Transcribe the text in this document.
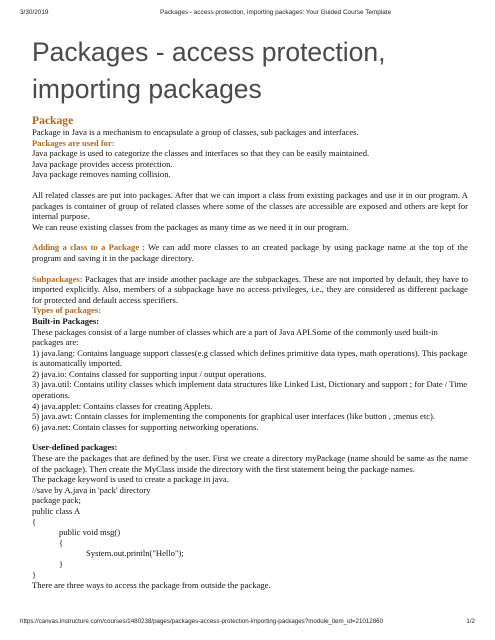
3/30/2019	Packages - access protection, importing packages: Your Guided Course Template
Packages - access protection, importing packages

Package

Package in Java is a mechanism to encapsulate a group of classes, sub packages and interfaces.

Packages are used for:

Java package is used to categorize the classes and interfaces so that they can be easily maintained.

Java package provides access protection.

Java package removes naming collision.

All related classes are put into packages. After that we can import a class from existing packages and use it in our program. A packages is container of group of related classes where some of the classes are accessible are exposed and others are kept for internal purpose.

We can reuse existing classes from the packages as many time as we need it in our program.

Adding a class to a Package : We can add more classes to an created package by using package name at the top of the program and saving it in the package directory.

Subpackages: Packages that are inside another package are the subpackages. These are not imported by default, they have to imported explicitly. Also, members of a subpackage have no access privileges, i.e., they are considered as different package for protected and default access specifiers.

Types of packages:

Built-in Packages:

These packages consist of a large number of classes which are a part of Java API.Some of the commonly used built-in packages are:

1) java.lang: Contains language support classes(e.g classed which defines primitive data types, math operations). This package is automatically imported.

2) java.io: Contains classed for supporting input / output operations.

3) java.util: Contains utility classes which implement data structures like Linked List, Dictionary and support ; for Date / Time operations.

4) java.applet: Contains classes for creating Applets.

5) java.awt: Contain classes for implementing the components for graphical user interfaces (like button , ;menus etc).

6) java.net: Contain classes for supporting networking operations.

User-defined packages:

These are the packages that are defined by the user. First we create a directory myPackage (name should be same as the name of the package). Then create the MyClass inside the directory with the first statement being the package names.

The package keyword is used to create a package in java.

//save by A.java in 'pack' directory

package pack;

public class A

{

public void msg()

{

System.out.println("Hello");

}

}

There are three ways to access the package from outside the package.

https://canvas.instructure.com/courses/1480238/pages/packages-access-protection-importing-packages?module_item_id=21012860	1/2
